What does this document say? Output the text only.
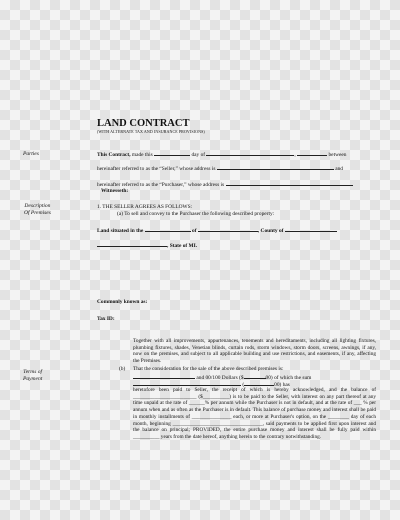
LAND CONTRACT
(WITH ALTERNATE TAX AND INSURANCE PROVISIONS)
Parties
Description
Of Premises
Terms of
Payment
This Contract, made this	day of	,	between
hereinafter referred to as the “Seller,” whose address is	and
hereinafter referred to as the “Purchaser,” whose address is
Witnesseth:
1. THE SELLER AGREES AS FOLLOWS:
(a) To sell and convey to the Purchaser the following described property:
Land situated in the	of	, County of
, State of MI.
Commonly known as:
Tax ID:
Together with all improvements, appurtenances, tenements and hereditaments, including all lighting fixtures, plumbing fixtures, shades, Venetian blinds, curtain rods, storm windows, storm doors, screens, awnings, if any, now on the premises, and subject to all applicable building and use restrictions, and easements, if any, affecting the Premises.
(b) That the consideration for the sale of the above described premises is:
and 00/100 Dollars ($	00) of which the sum
(	00) has
heretofore been paid to Seller, the receipt of which is hereby acknowledged, and the balance of ________________________ ($__________) is to be paid to the Seller, with interest on any part thereof at any time unpaid at the rate of ______% per annum while the Purchaser is not in default, and at the rate of ___ % per annum when and as often as the Purchaser is in default. This balance of purchase money and interest shall be paid in monthly installments of _______________ each, or more at Purchaser's option, on the ________ day of each month, beginning __________________________________, said payments to be applied first upon interest and the balance on principal; PROVIDED, the entire purchase money and interest shall be fully paid within __________ years from the date hereof, anything herein to the contrary notwithstanding.
